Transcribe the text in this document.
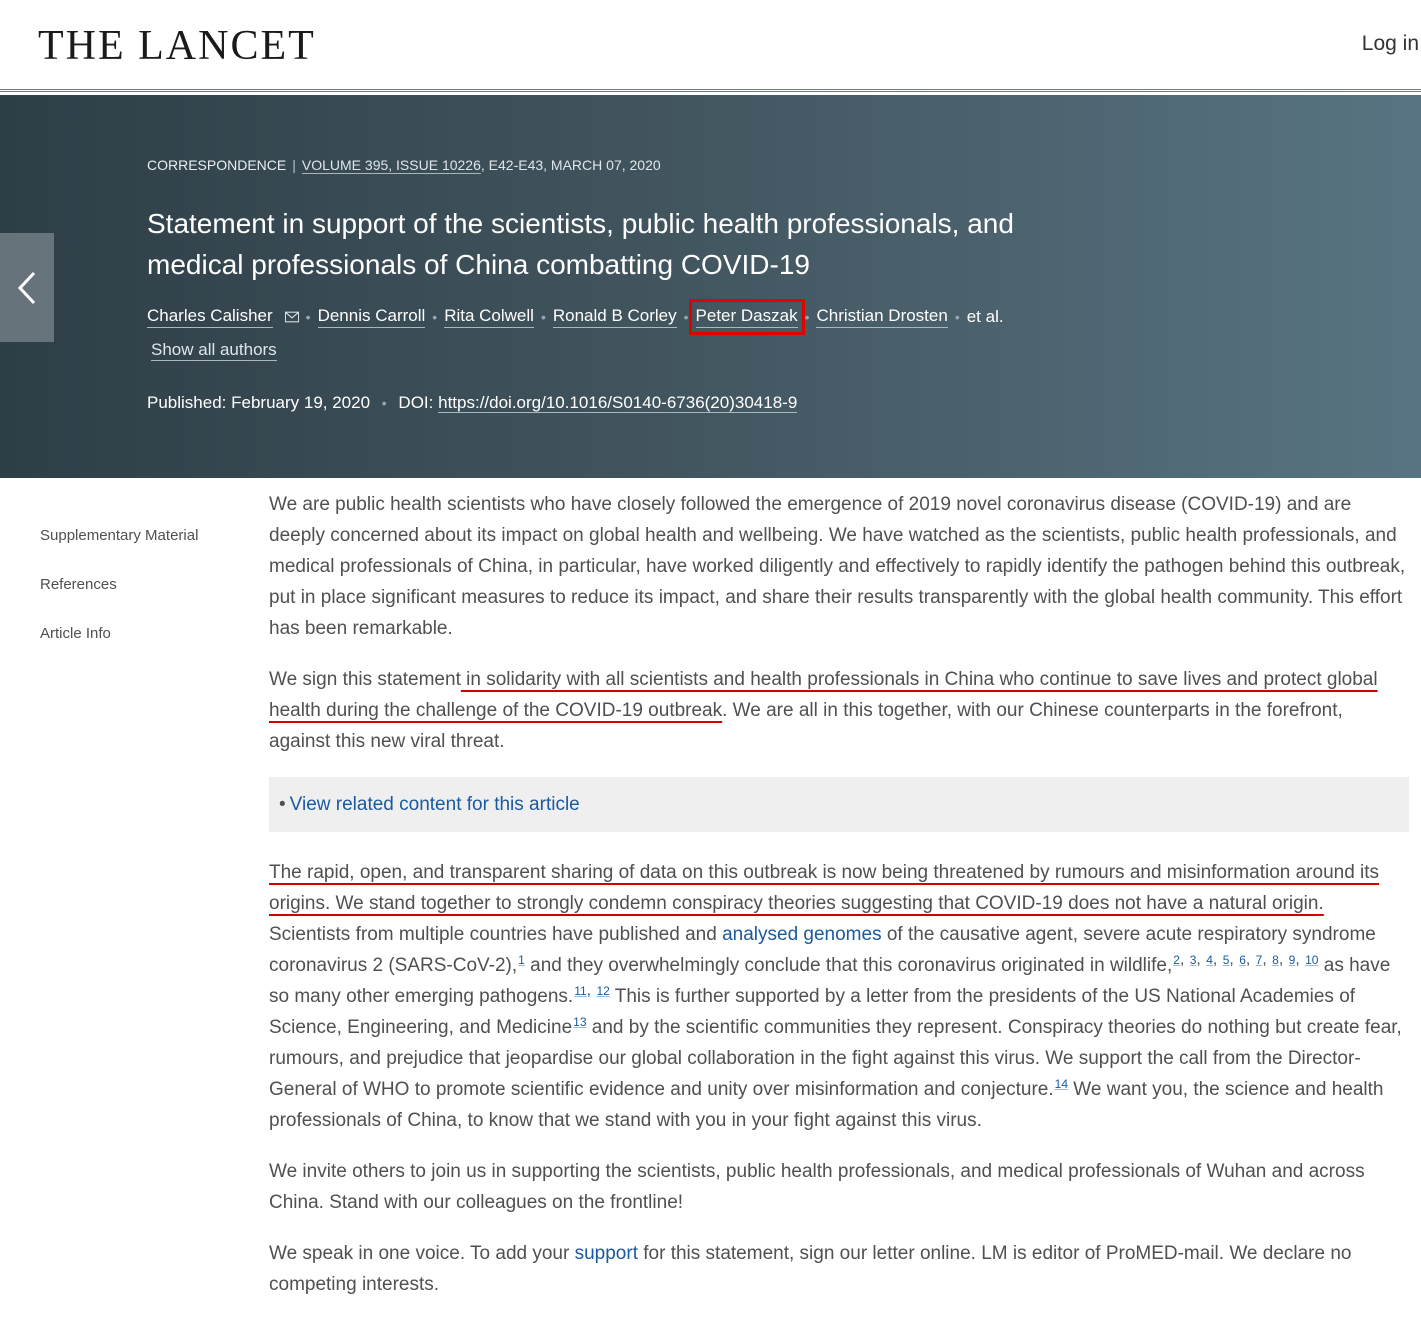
THE LANCET	Log in
CORRESPONDENCE | VOLUME 395, ISSUE 10226, E42-E43, MARCH 07, 2020
Statement in support of the scientists, public health professionals, and medical professionals of China combatting COVID-19
Charles Calisher • Dennis Carroll • Rita Colwell • Ronald B Corley • Peter Daszak • Christian Drosten • et al.
Show all authors
Published: February 19, 2020 • DOI: https://doi.org/10.1016/S0140-6736(20)30418-9
Supplementary Material
References
Article Info

We are public health scientists who have closely followed the emergence of 2019 novel coronavirus disease (COVID-19) and are deeply concerned about its impact on global health and wellbeing. We have watched as the scientists, public health professionals, and medical professionals of China, in particular, have worked diligently and effectively to rapidly identify the pathogen behind this outbreak, put in place significant measures to reduce its impact, and share their results transparently with the global health community. This effort has been remarkable.

We sign this statement in solidarity with all scientists and health professionals in China who continue to save lives and protect global health during the challenge of the COVID-19 outbreak. We are all in this together, with our Chinese counterparts in the forefront, against this new viral threat.

• View related content for this article

The rapid, open, and transparent sharing of data on this outbreak is now being threatened by rumours and misinformation around its origins. We stand together to strongly condemn conspiracy theories suggesting that COVID-19 does not have a natural origin. Scientists from multiple countries have published and analysed genomes of the causative agent, severe acute respiratory syndrome coronavirus 2 (SARS-CoV-2),$^1$ and they overwhelmingly conclude that this coronavirus originated in wildlife,$^{2, 3, 4, 5, 6, 7, 8, 9, 10}$ as have so many other emerging pathogens.$^{11, 12}$ This is further supported by a letter from the presidents of the US National Academies of Science, Engineering, and Medicine$^{13}$ and by the scientific communities they represent. Conspiracy theories do nothing but create fear, rumours, and prejudice that jeopardise our global collaboration in the fight against this virus. We support the call from the Director-General of WHO to promote scientific evidence and unity over misinformation and conjecture.$^{14}$ We want you, the science and health professionals of China, to know that we stand with you in your fight against this virus.

We invite others to join us in supporting the scientists, public health professionals, and medical professionals of Wuhan and across China. Stand with our colleagues on the frontline!

We speak in one voice. To add your support for this statement, sign our letter online. LM is editor of ProMED-mail. We declare no competing interests.
